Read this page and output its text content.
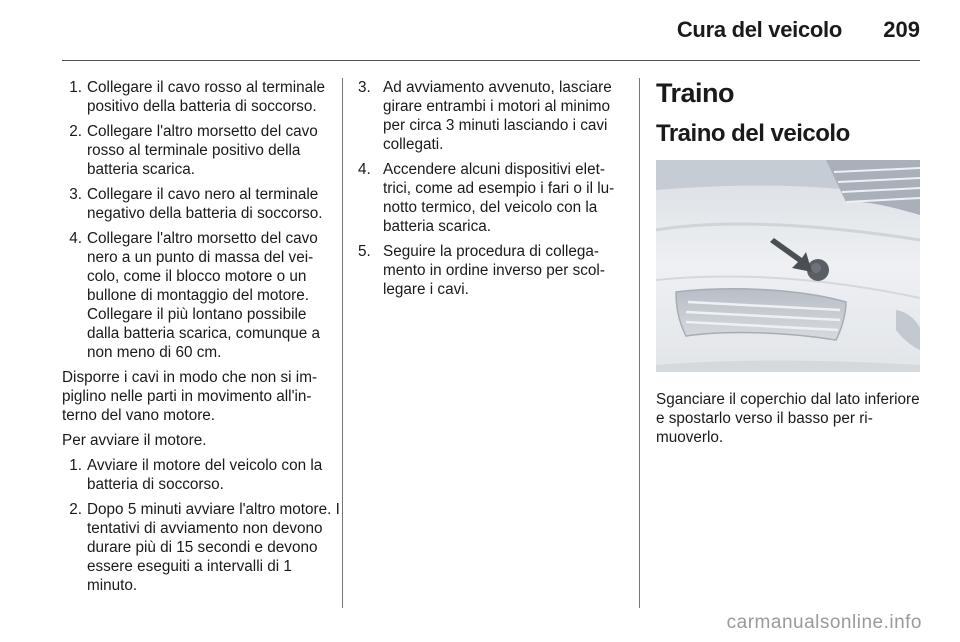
Cura del veicolo 209
1. Collegare il cavo rosso al terminale positivo della batteria di soccorso.
2. Collegare l'altro morsetto del cavo rosso al terminale positivo della batteria scarica.
3. Collegare il cavo nero al terminale negativo della batteria di soccorso.
4. Collegare l'altro morsetto del cavo nero a un punto di massa del veicolo, come il blocco motore o un bullone di montaggio del motore. Collegare il più lontano possibile dalla batteria scarica, comunque a non meno di 60 cm.

Disporre i cavi in modo che non si impiglino nelle parti in movimento all'interno del vano motore.

Per avviare il motore.

1. Avviare il motore del veicolo con la batteria di soccorso.
2. Dopo 5 minuti avviare l'altro motore. I tentativi di avviamento non devono durare più di 15 secondi e devono essere eseguiti a intervalli di 1 minuto.
3. Ad avviamento avvenuto, lasciare girare entrambi i motori al minimo per circa 3 minuti lasciando i cavi collegati.
4. Accendere alcuni dispositivi elettrici, come ad esempio i fari o il lunotto termico, del veicolo con la batteria scarica.
5. Seguire la procedura di collegamento in ordine inverso per scollegare i cavi.
Traino
Traino del veicolo

Sganciare il coperchio dal lato inferiore e spostarlo verso il basso per rimuoverlo.

carmanualsonline.info
